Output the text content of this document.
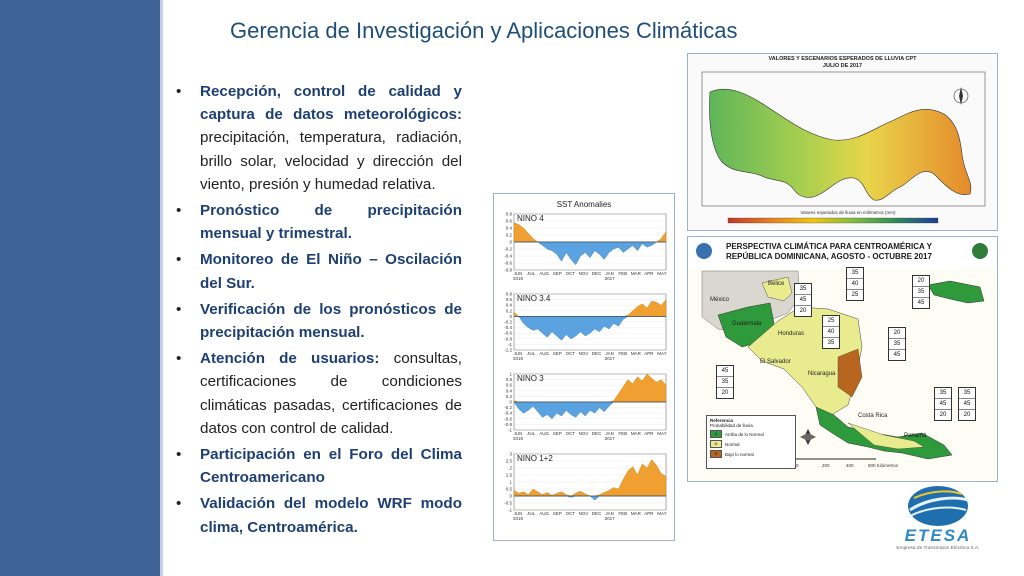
Gerencia de Investigación y Aplicaciones Climáticas
• Recepción, control de calidad y captura de datos meteorológicos: precipitación, temperatura, radiación, brillo solar, velocidad y dirección del viento, presión y humedad relativa.
• Pronóstico de precipitación mensual y trimestral.
• Monitoreo de El Niño – Oscilación del Sur.
• Verificación de los pronósticos de precipitación mensual.
• Atención de usuarios: consultas, certificaciones de condiciones climáticas pasadas, certificaciones de datos con control de calidad.
• Participación en el Foro del Clima Centroamericano
• Validación del modelo WRF modo clima, Centroamérica.
SST Anomalies
0.8
0.6
0.4
0.2
0
-0.2
-0.4
-0.6
-0.8
NINO 4
JUN JUL AUG SEP OCT NOV DEC JAN FEB MAR APR MAY
2016	2017
0.8
0.6
0.4
0.2
0
-0.2
-0.4
-0.6
-0.8
-1
-1.2
NINO 3.4
JUN JUL AUG SEP OCT NOV DEC JAN FEB MAR APR MAY
2016	2017
1
0.8
0.6
0.4
0.2
0
-0.2
-0.4
-0.6
-0.8
-1
NINO 3
JUN JUL AUG SEP OCT NOV DEC JAN FEB MAR APR MAY
2016	2017
3
2.5
2
1.5
1
0.5
0
-0.5
-1
NINO 1+2
JUN JUL AUG SEP OCT NOV DEC JAN FEB MAR APR MAY
2016	2017
VALORES Y ESCENARIOS ESPERADOS DE LLUVIA CPT
JULIO DE 2017
Valores esperados de lluvia en milímetros (mm)
0	200	400	800 Kilómetros
PERSPECTIVA CLIMÁTICA PARA CENTROAMÉRICA Y REPÚBLICA DOMINICANA, AGOSTO - OCTUBRE 2017
México
Belice
Guatemala
Honduras
El Salvador
Nicaragua
Costa Rica
Panamá
35
40
25
35
45
20
20
35
45
25
40
35
20
35
45
45
35
20	35
45
20
35
45
20
Referencia
Probabilidad de lluvia
A	Arriba de lo Normal
N	Normal
B	Bajo lo normal
ETESA
Empresa de Transmisión Eléctrica S.A.
